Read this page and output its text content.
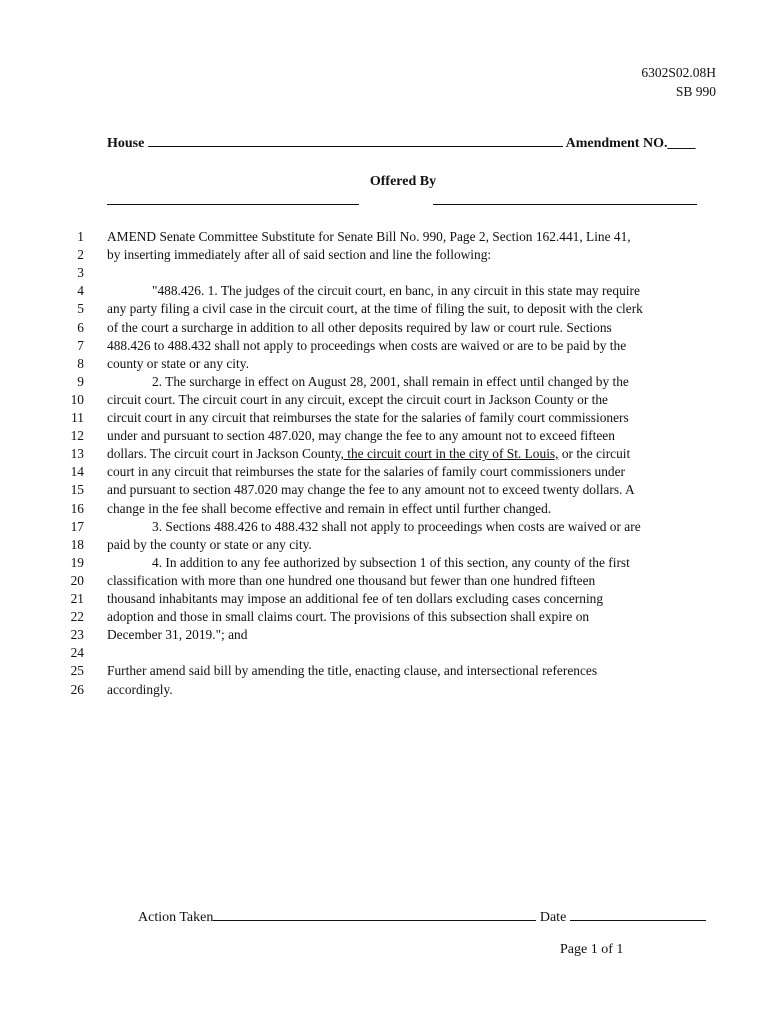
6302S02.08H
SB 990
House	Amendment NO.____
Offered By
1 AMEND Senate Committee Substitute for Senate Bill No. 990, Page 2, Section 162.441, Line 41,
2 by inserting immediately after all of said section and line the following:
3
4	"488.426. 1. The judges of the circuit court, en banc, in any circuit in this state may require
5 any party filing a civil case in the circuit court, at the time of filing the suit, to deposit with the clerk
6 of the court a surcharge in addition to all other deposits required by law or court rule. Sections
7 488.426 to 488.432 shall not apply to proceedings when costs are waived or are to be paid by the
8 county or state or any city.
9	2. The surcharge in effect on August 28, 2001, shall remain in effect until changed by the
10 circuit court. The circuit court in any circuit, except the circuit court in Jackson County or the
11 circuit court in any circuit that reimburses the state for the salaries of family court commissioners
12 under and pursuant to section 487.020, may change the fee to any amount not to exceed fifteen
13 dollars. The circuit court in Jackson County, the circuit court in the city of St. Louis, or the circuit
14 court in any circuit that reimburses the state for the salaries of family court commissioners under
15 and pursuant to section 487.020 may change the fee to any amount not to exceed twenty dollars. A
16 change in the fee shall become effective and remain in effect until further changed.
17	3. Sections 488.426 to 488.432 shall not apply to proceedings when costs are waived or are
18 paid by the county or state or any city.
19	4. In addition to any fee authorized by subsection 1 of this section, any county of the first
20 classification with more than one hundred one thousand but fewer than one hundred fifteen
21 thousand inhabitants may impose an additional fee of ten dollars excluding cases concerning
22 adoption and those in small claims court. The provisions of this subsection shall expire on
23 December 31, 2019."; and
24
25 Further amend said bill by amending the title, enacting clause, and intersectional references
26 accordingly.
Action Taken	Date
Page 1 of 1
